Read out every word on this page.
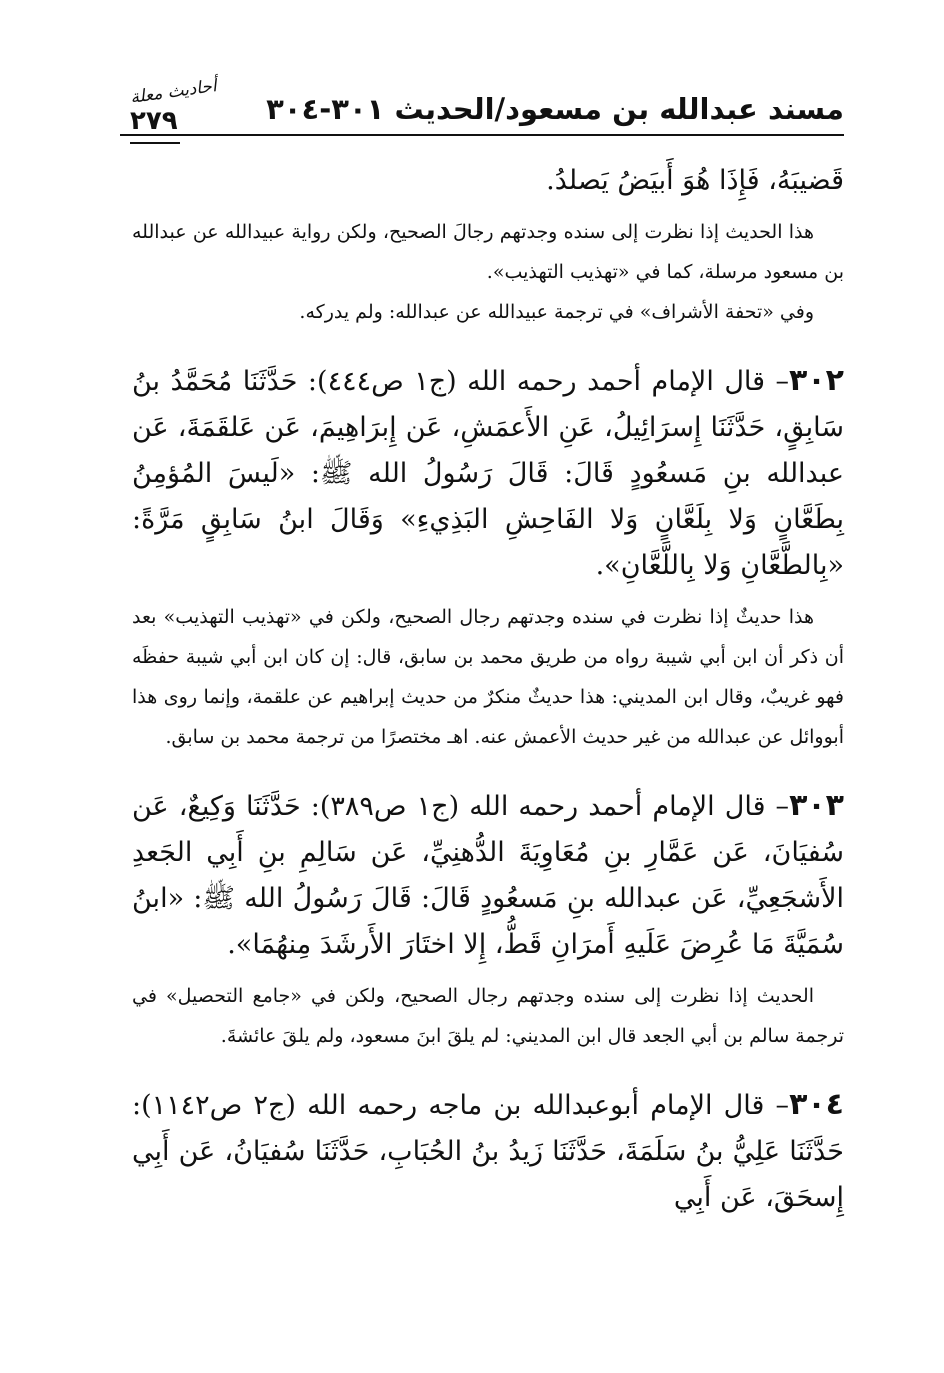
مسند عبدالله بن مسعود/الحديث ٣٠١-٣٠٤
أحاديث معلة
٢٧٩

قَضيبَهُ، فَإِذَا هُوَ أَبيَضُ يَصلدُ.

هذا الحديث إذا نظرت إلى سنده وجدتهم رجالَ الصحيح، ولكن رواية عبيدالله عن عبدالله بن مسعود مرسلة، كما في «تهذيب التهذيب».

وفي «تحفة الأشراف» في ترجمة عبيدالله عن عبدالله: ولم يدركه.

٣٠٢– قال الإمام أحمد رحمه الله (ج١ ص٤٤٤): حَدَّثَنَا مُحَمَّدُ بنُ سَابِقٍ، حَدَّثَنَا إِسرَائِيلُ، عَنِ الأَعمَشِ، عَن إِبرَاهِيمَ، عَن عَلقَمَةَ، عَن عبدالله بنِ مَسعُودٍ قَالَ: قَالَ رَسُولُ الله ﷺ: «لَيسَ المُؤمِنُ بِطَعَّانٍ وَلا بِلَعَّانٍ وَلا الفَاحِشِ البَذِيءِ» وَقَالَ ابنُ سَابِقٍ مَرَّةً: «بِالطَّعَّانِ وَلا بِاللَّعَّانِ».

هذا حديثٌ إذا نظرت في سنده وجدتهم رجال الصحيح، ولكن في «تهذيب التهذيب» بعد أن ذكر أن ابن أبي شيبة رواه من طريق محمد بن سابق، قال: إن كان ابن أبي شيبة حفظَه فهو غريبٌ، وقال ابن المديني: هذا حديثٌ منكرٌ من حديث إبراهيم عن علقمة، وإنما روى هذا أبووائل عن عبدالله من غير حديث الأعمش عنه. اهـ مختصرًا من ترجمة محمد بن سابق.

٣٠٣– قال الإمام أحمد رحمه الله (ج١ ص٣٨٩): حَدَّثَنَا وَكِيعٌ، عَن سُفيَانَ، عَن عَمَّارِ بنِ مُعَاوِيَةَ الدُّهنِيِّ، عَن سَالِمِ بنِ أَبِي الجَعدِ الأَشجَعِيِّ، عَن عبدالله بنِ مَسعُودٍ قَالَ: قَالَ رَسُولُ الله ﷺ: «ابنُ سُمَيَّةَ مَا عُرِضَ عَلَيهِ أَمرَانِ قَطُّ، إِلا اختَارَ الأَرشَدَ مِنهُمَا».

الحديث إذا نظرت إلى سنده وجدتهم رجال الصحيح، ولكن في «جامع التحصيل» في ترجمة سالم بن أبي الجعد قال ابن المديني: لم يلقَ ابنَ مسعود، ولم يلقَ عائشةَ.

٣٠٤– قال الإمام أبوعبدالله بن ماجه رحمه الله (ج٢ ص١١٤٢): حَدَّثَنَا عَلِيُّ بنُ سَلَمَةَ، حَدَّثَنَا زَيدُ بنُ الحُبَابِ، حَدَّثَنَا سُفيَانُ، عَن أَبِي إِسحَقَ، عَن أَبِي
